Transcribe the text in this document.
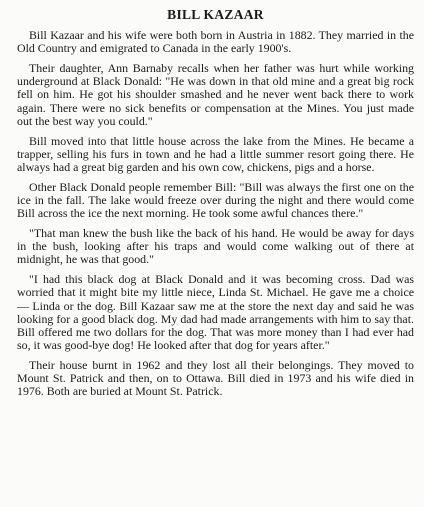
BILL KAZAAR

Bill Kazaar and his wife were both born in Austria in 1882. They married in the Old Country and emigrated to Canada in the early 1900's.

Their daughter, Ann Barnaby recalls when her father was hurt while working underground at Black Donald: "He was down in that old mine and a great big rock fell on him. He got his shoulder smashed and he never went back there to work again. There were no sick benefits or compensation at the Mines. You just made out the best way you could."

Bill moved into that little house across the lake from the Mines. He became a trapper, selling his furs in town and he had a little summer resort going there. He always had a great big garden and his own cow, chickens, pigs and a horse.

Other Black Donald people remember Bill: "Bill was always the first one on the ice in the fall. The lake would freeze over during the night and there would come Bill across the ice the next morning. He took some awful chances there."

"That man knew the bush like the back of his hand. He would be away for days in the bush, looking after his traps and would come walking out of there at midnight, he was that good."

"I had this black dog at Black Donald and it was becoming cross. Dad was worried that it might bite my little niece, Linda St. Michael. He gave me a choice — Linda or the dog. Bill Kazaar saw me at the store the next day and said he was looking for a good black dog. My dad had made arrangements with him to say that. Bill offered me two dollars for the dog. That was more money than I had ever had so, it was good-bye dog! He looked after that dog for years after."

Their house burnt in 1962 and they lost all their belongings. They moved to Mount St. Patrick and then, on to Ottawa. Bill died in 1973 and his wife died in 1976. Both are buried at Mount St. Patrick.
